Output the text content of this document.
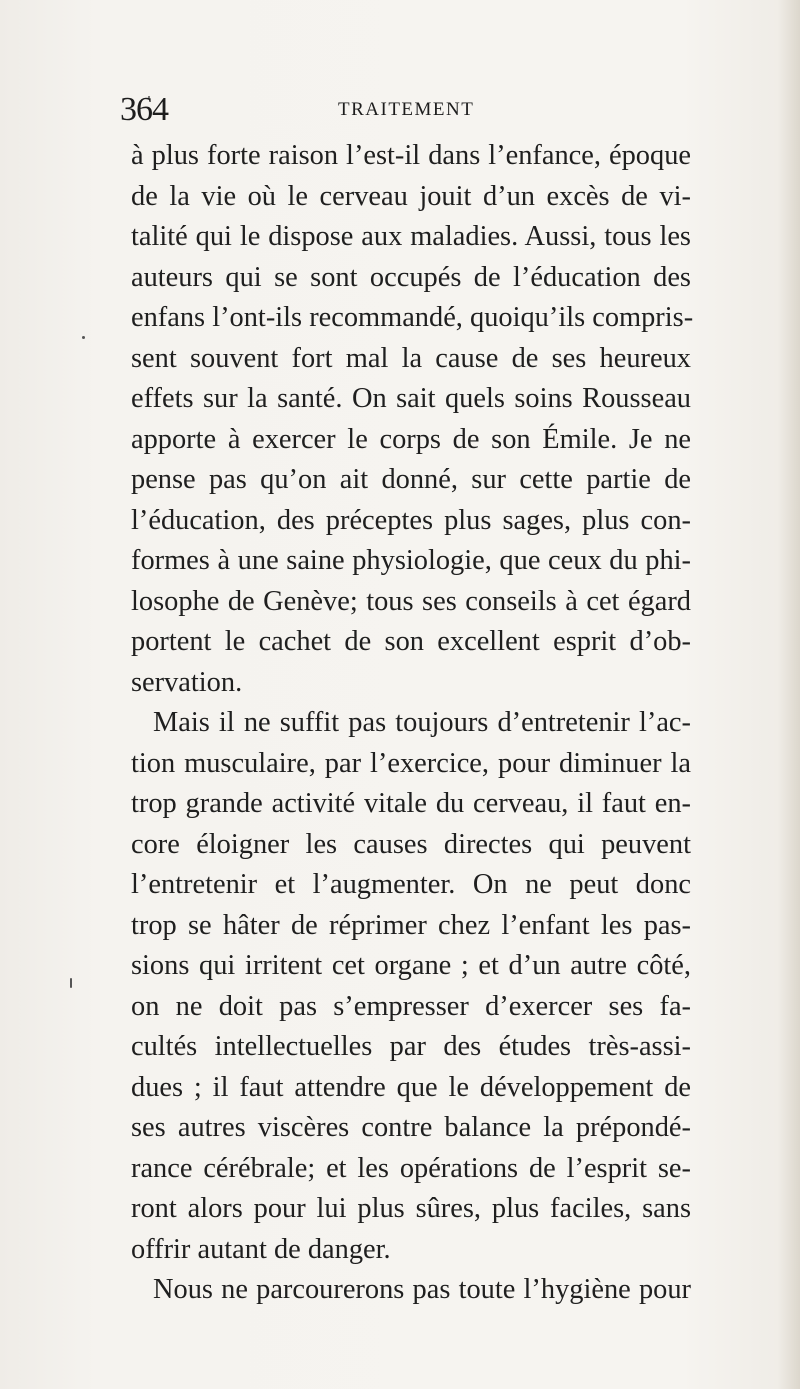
364	TRAITEMENT
à plus forte raison l’est-il dans l’enfance, époque
de la vie où le cerveau jouit d’un excès de vi-
talité qui le dispose aux maladies. Aussi, tous les
auteurs qui se sont occupés de l’éducation des
enfans l’ont-ils recommandé, quoiqu’ils compris-
sent souvent fort mal la cause de ses heureux
effets sur la santé. On sait quels soins Rousseau
apporte à exercer le corps de son Émile. Je ne
pense pas qu’on ait donné, sur cette partie de
l’éducation, des préceptes plus sages, plus con-
formes à une saine physiologie, que ceux du phi-
losophe de Genève; tous ses conseils à cet égard
portent le cachet de son excellent esprit d’ob-
servation.
Mais il ne suffit pas toujours d’entretenir l’ac-
tion musculaire, par l’exercice, pour diminuer la
trop grande activité vitale du cerveau, il faut en-
core éloigner les causes directes qui peuvent
l’entretenir et l’augmenter. On ne peut donc
trop se hâter de réprimer chez l’enfant les pas-
sions qui irritent cet organe ; et d’un autre côté,
on ne doit pas s’empresser d’exercer ses fa-
cultés intellectuelles par des études très-assi-
dues ; il faut attendre que le développement de
ses autres viscères contre balance la prépondé-
rance cérébrale; et les opérations de l’esprit se-
ront alors pour lui plus sûres, plus faciles, sans
offrir autant de danger.
Nous ne parcourerons pas toute l’hygiène pour
